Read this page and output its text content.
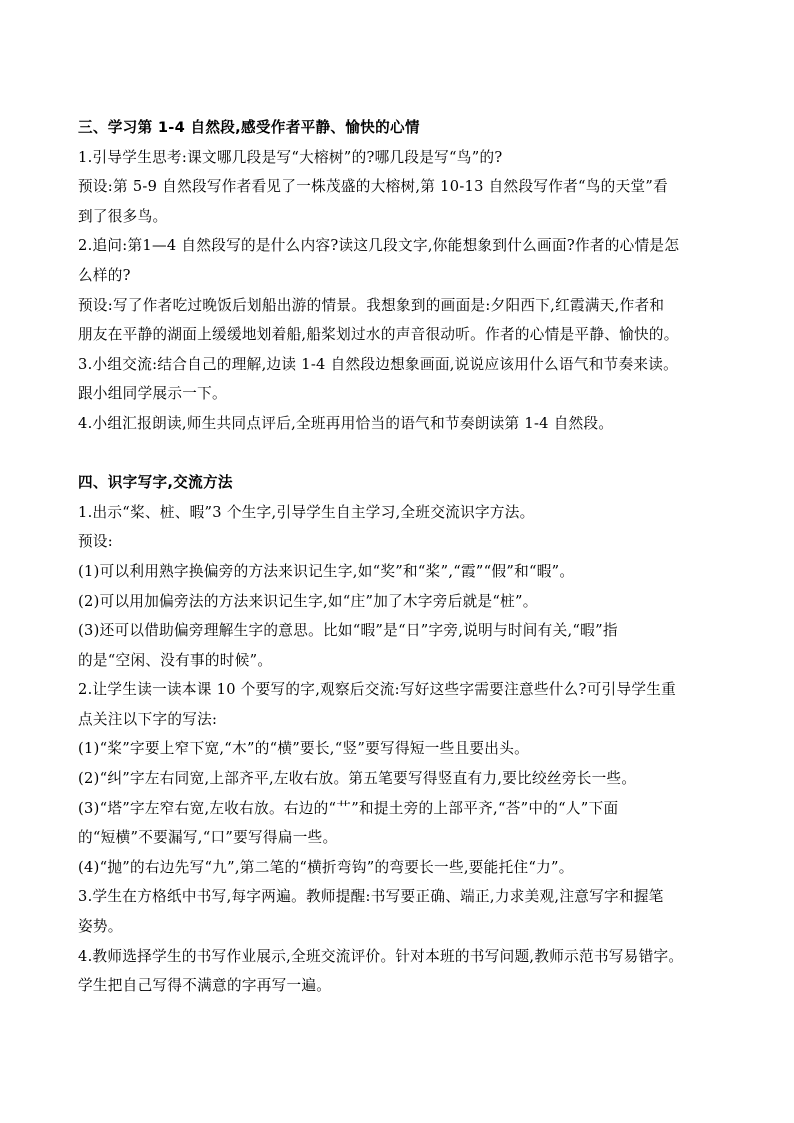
三、学习第 1-4 自然段,感受作者平静、愉快的心情
1.引导学生思考:课文哪几段是写“大榕树”的?哪几段是写“鸟”的?
预设:第 5-9 自然段写作者看见了一株茂盛的大榕树,第 10-13 自然段写作者“鸟的天堂”看
到了很多鸟。
2.追问:第1—4 自然段写的是什么内容?读这几段文字,你能想象到什么画面?作者的心情是怎
么样的?
预设:写了作者吃过晚饭后划船出游的情景。我想象到的画面是:夕阳西下,红霞满天,作者和
朋友在平静的湖面上缓缓地划着船,船桨划过水的声音很动听。作者的心情是平静、愉快的。
3.小组交流:结合自己的理解,边读 1-4 自然段边想象画面,说说应该用什么语气和节奏来读。
跟小组同学展示一下。
4.小组汇报朗读,师生共同点评后,全班再用恰当的语气和节奏朗读第 1-4 自然段。
四、识字写字,交流方法
1.出示“桨、桩、暇”3 个生字,引导学生自主学习,全班交流识字方法。
预设:
(1)可以利用熟字换偏旁的方法来识记生字,如“奖”和“桨”,“霞”“假”和“暇”。
(2)可以用加偏旁法的方法来识记生字,如“庄”加了木字旁后就是“桩”。
(3)还可以借助偏旁理解生字的意思。比如“暇”是“日”字旁,说明与时间有关,“暇”指
的是“空闲、没有事的时候”。
2.让学生读一读本课 10 个要写的字,观察后交流:写好这些字需要注意些什么?可引导学生重
点关注以下字的写法:
(1)“桨”字要上窄下宽,“木”的“横”要长,“竖”要写得短一些且要出头。
(2)“纠”字左右同宽,上部齐平,左收右放。第五笔要写得竖直有力,要比绞丝旁长一些。
(3)“塔”字左窄右宽,左收右放。右边的“艹”和提土旁的上部平齐,“荅”中的“人”下面
的“短横”不要漏写,“口”要写得扁一些。
(4)“抛”的右边先写“九”,第二笔的“横折弯钩”的弯要长一些,要能托住“力”。
3.学生在方格纸中书写,每字两遍。教师提醒:书写要正确、端正,力求美观,注意写字和握笔
姿势。
4.教师选择学生的书写作业展示,全班交流评价。针对本班的书写问题,教师示范书写易错字。
学生把自己写得不满意的字再写一遍。
